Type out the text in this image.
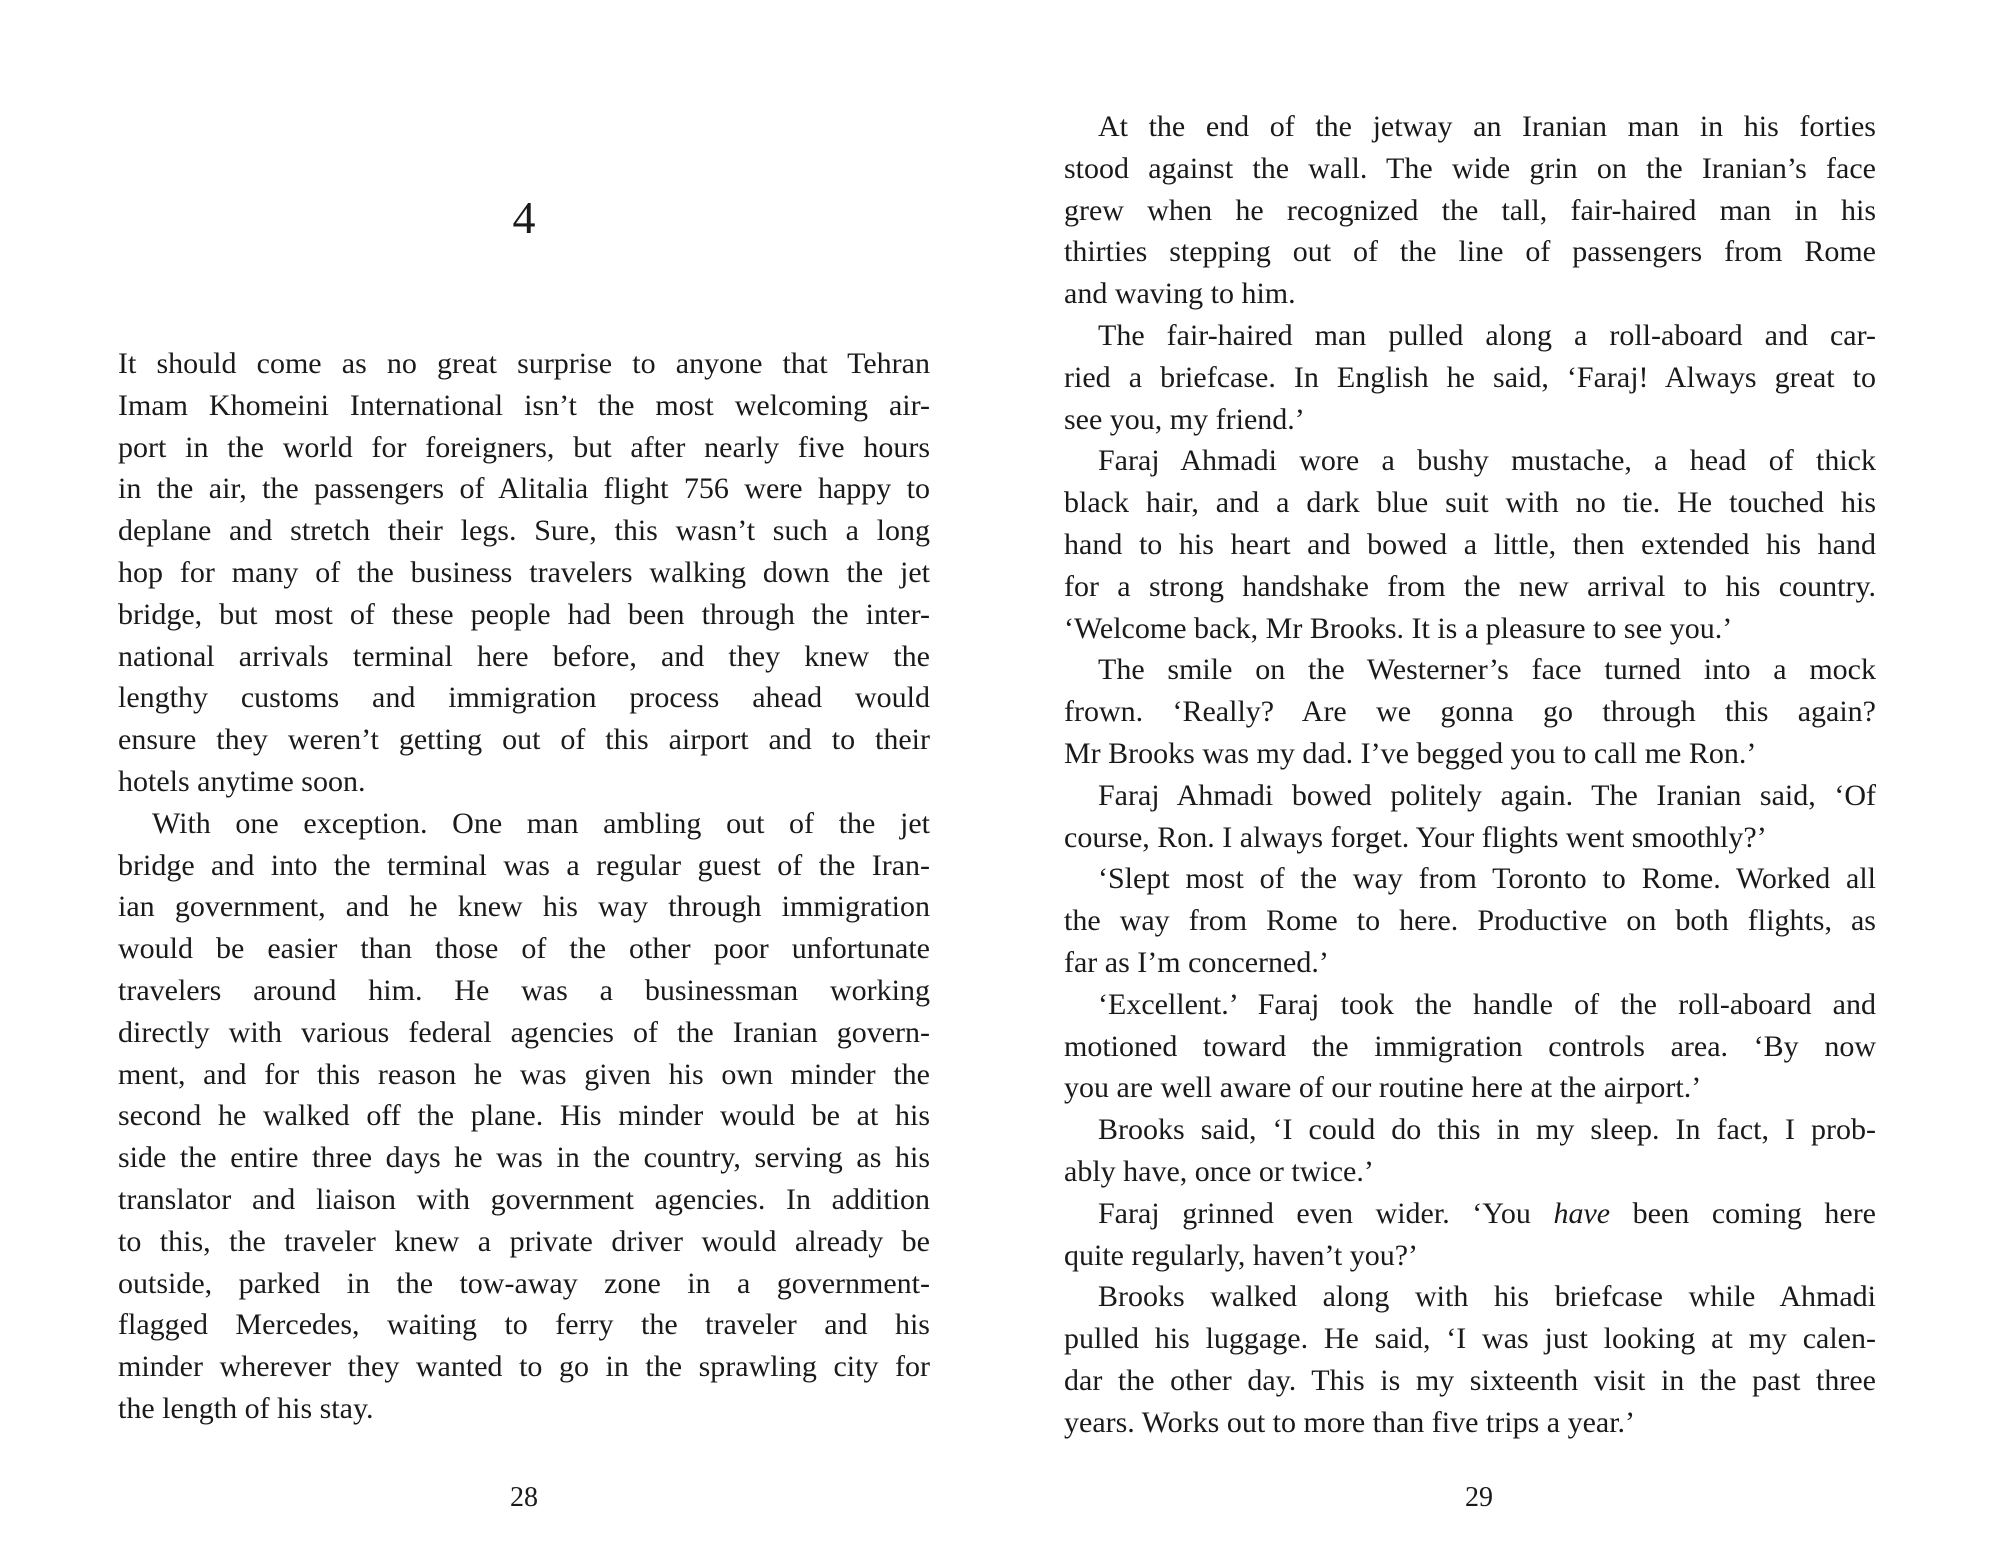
4
It should come as no great surprise to anyone that Tehran
Imam Khomeini International isn’t the most welcoming air-
port in the world for foreigners, but after nearly five hours
in the air, the passengers of Alitalia flight 756 were happy to
deplane and stretch their legs. Sure, this wasn’t such a long
hop for many of the business travelers walking down the jet
bridge, but most of these people had been through the inter-
national arrivals terminal here before, and they knew the
lengthy customs and immigration process ahead would
ensure they weren’t getting out of this airport and to their
hotels anytime soon.
With one exception. One man ambling out of the jet
bridge and into the terminal was a regular guest of the Iran-
ian government, and he knew his way through immigration
would be easier than those of the other poor unfortunate
travelers around him. He was a businessman working
directly with various federal agencies of the Iranian govern-
ment, and for this reason he was given his own minder the
second he walked off the plane. His minder would be at his
side the entire three days he was in the country, serving as his
translator and liaison with government agencies. In addition
to this, the traveler knew a private driver would already be
outside, parked in the tow-away zone in a government-
flagged Mercedes, waiting to ferry the traveler and his
minder wherever they wanted to go in the sprawling city for
the length of his stay.
28
At the end of the jetway an Iranian man in his forties
stood against the wall. The wide grin on the Iranian’s face
grew when he recognized the tall, fair-haired man in his
thirties stepping out of the line of passengers from Rome
and waving to him.
The fair-haired man pulled along a roll-aboard and car-
ried a briefcase. In English he said, ‘Faraj! Always great to
see you, my friend.’
Faraj Ahmadi wore a bushy mustache, a head of thick
black hair, and a dark blue suit with no tie. He touched his
hand to his heart and bowed a little, then extended his hand
for a strong handshake from the new arrival to his country.
‘Welcome back, Mr Brooks. It is a pleasure to see you.’
The smile on the Westerner’s face turned into a mock
frown. ‘Really? Are we gonna go through this again?
Mr Brooks was my dad. I’ve begged you to call me Ron.’
Faraj Ahmadi bowed politely again. The Iranian said, ‘Of
course, Ron. I always forget. Your flights went smoothly?’
‘Slept most of the way from Toronto to Rome. Worked all
the way from Rome to here. Productive on both flights, as
far as I’m concerned.’
‘Excellent.’ Faraj took the handle of the roll-aboard and
motioned toward the immigration controls area. ‘By now
you are well aware of our routine here at the airport.’
Brooks said, ‘I could do this in my sleep. In fact, I prob-
ably have, once or twice.’
Faraj grinned even wider. ‘You have been coming here
quite regularly, haven’t you?’
Brooks walked along with his briefcase while Ahmadi
pulled his luggage. He said, ‘I was just looking at my calen-
dar the other day. This is my sixteenth visit in the past three
years. Works out to more than five trips a year.’
29
